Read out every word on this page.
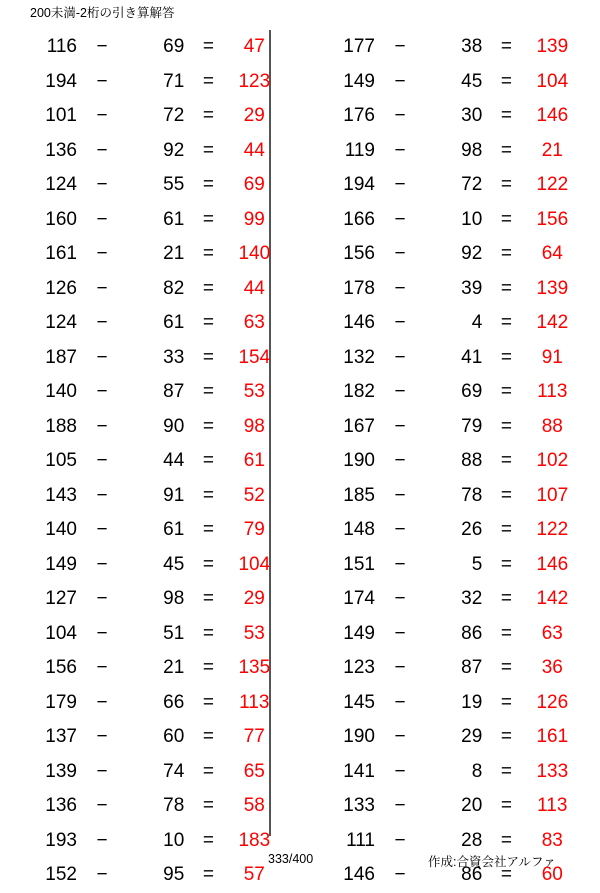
200未満-2桁の引き算解答
116	−	69 =	47
194	−	71 =	123
101	−	72 =	29
136	−	92 =	44
124	−	55 =	69
160	−	61 =	99
161	−	21 =	140
126	−	82 =	44
124	−	61 =	63
187	−	33 =	154
140	−	87 =	53
188	−	90 =	98
105	−	44 =	61
143	−	91 =	52
140	−	61 =	79
149	−	45 =	104
127	−	98 =	29
104	−	51 =	53
156	−	21 =	135
179	−	66 =	113
137	−	60 =	77
139	−	74 =	65
136	−	78 =	58
193	−	10 =	183
152	−	95 =	57
177	−	38 =	139
149	−	45 =	104
176	−	30 =	146
119	−	98 =	21
194	−	72 =	122
166	−	10 =	156
156	−	92 =	64
178	−	39 =	139
146	−	4 =	142
132	−	41 =	91
182	−	69 =	113
167	−	79 =	88
190	−	88 =	102
185	−	78 =	107
148	−	26 =	122
151	−	5 =	146
174	−	32 =	142
149	−	86 =	63
123	−	87 =	36
145	−	19 =	126
190	−	29 =	161
141	−	8 =	133
133	−	20 =	113
111	−	28 =	83
146	−	86 =	60
333/400	作成:合資会社アルファ
